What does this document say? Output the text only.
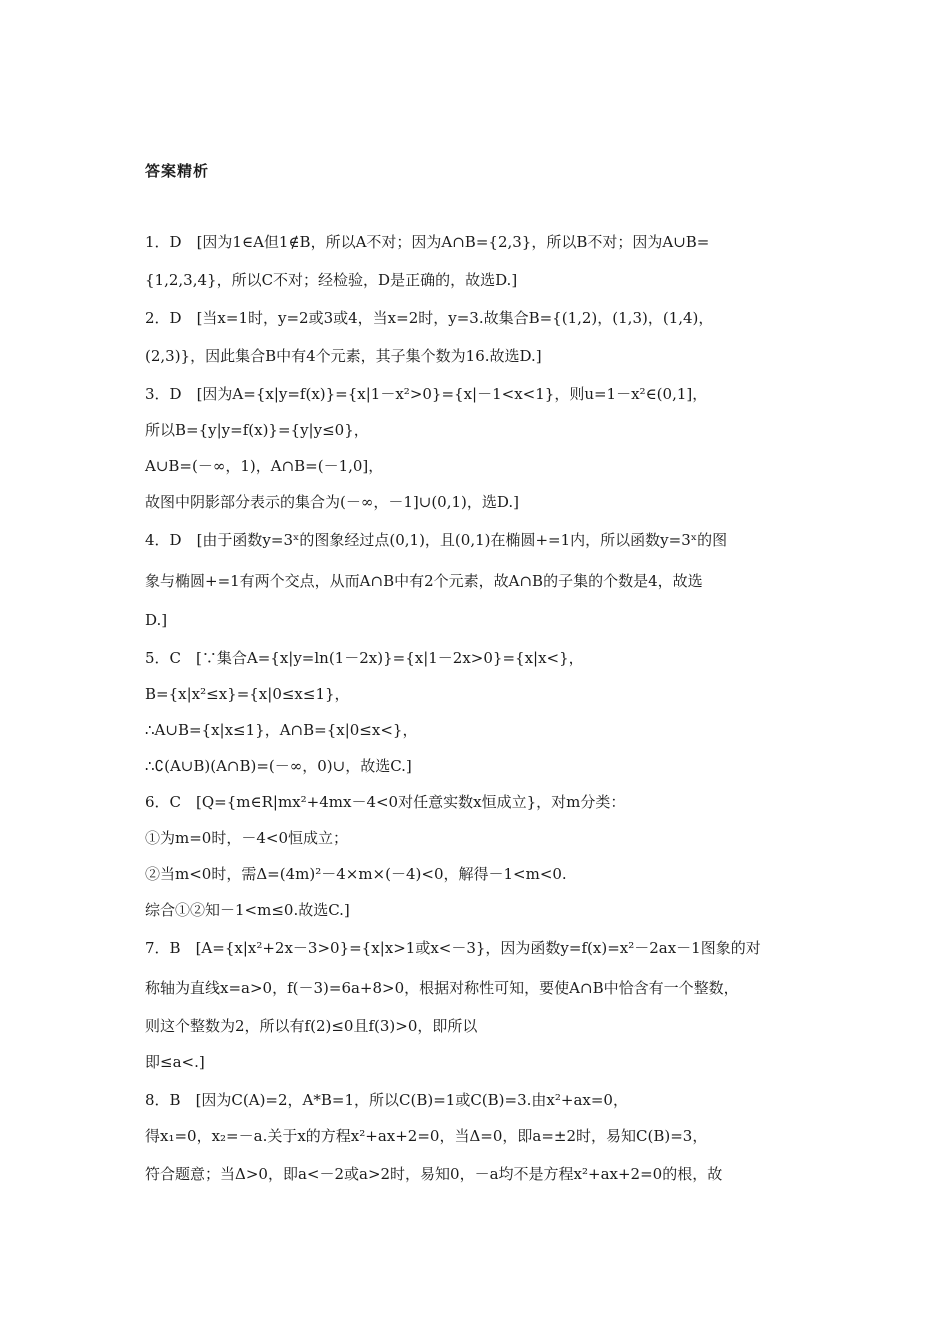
答案精析
1．D　[因为1∈A但1∉B，所以A不对；因为A∩B={2,3}，所以B不对；因为A∪B=
{1,2,3,4}，所以C不对；经检验，D是正确的，故选D.]
2．D　[当x=1时，y=2或3或4，当x=2时，y=3.故集合B={(1,2)，(1,3)，(1,4)，
(2,3)}，因此集合B中有4个元素，其子集个数为16.故选D.]
3．D　[因为A={x|y=f(x)}={x|1－x²>0}={x|－1<x<1}，则u=1－x²∈(0,1]，
所以B={y|y=f(x)}={y|y≤0}，
A∪B=(－∞，1)，A∩B=(－1,0]，
故图中阴影部分表示的集合为(－∞，－1]∪(0,1)，选D.]
4．D　[由于函数y=3ˣ的图象经过点(0,1)，且(0,1)在椭圆+=1内，所以函数y=3ˣ的图
象与椭圆+=1有两个交点，从而A∩B中有2个元素，故A∩B的子集的个数是4，故选
D.]
5．C　[∵集合A={x|y=ln(1－2x)}={x|1－2x>0}={x|x<}，
B={x|x²≤x}={x|0≤x≤1}，
∴A∪B={x|x≤1}，A∩B={x|0≤x<}，
∴∁(A∪B)(A∩B)=(－∞，0)∪，故选C.]
6．C　[Q={m∈R|mx²+4mx－4<0对任意实数x恒成立}，对m分类：
①为m=0时，－4<0恒成立；
②当m<0时，需Δ=(4m)²－4×m×(－4)<0，解得－1<m<0.
综合①②知－1<m≤0.故选C.]
7．B　[A={x|x²+2x－3>0}={x|x>1或x<－3}，因为函数y=f(x)=x²－2ax－1图象的对
称轴为直线x=a>0，f(－3)=6a+8>0，根据对称性可知，要使A∩B中恰含有一个整数，
则这个整数为2，所以有f(2)≤0且f(3)>0，即所以
即≤a<.]
8．B　[因为C(A)=2，A*B=1，所以C(B)=1或C(B)=3.由x²+ax=0，
得x₁=0，x₂=－a.关于x的方程x²+ax+2=0，当Δ=0，即a=±2时，易知C(B)=3，
符合题意；当Δ>0，即a<－2或a>2时，易知0，－a均不是方程x²+ax+2=0的根，故
